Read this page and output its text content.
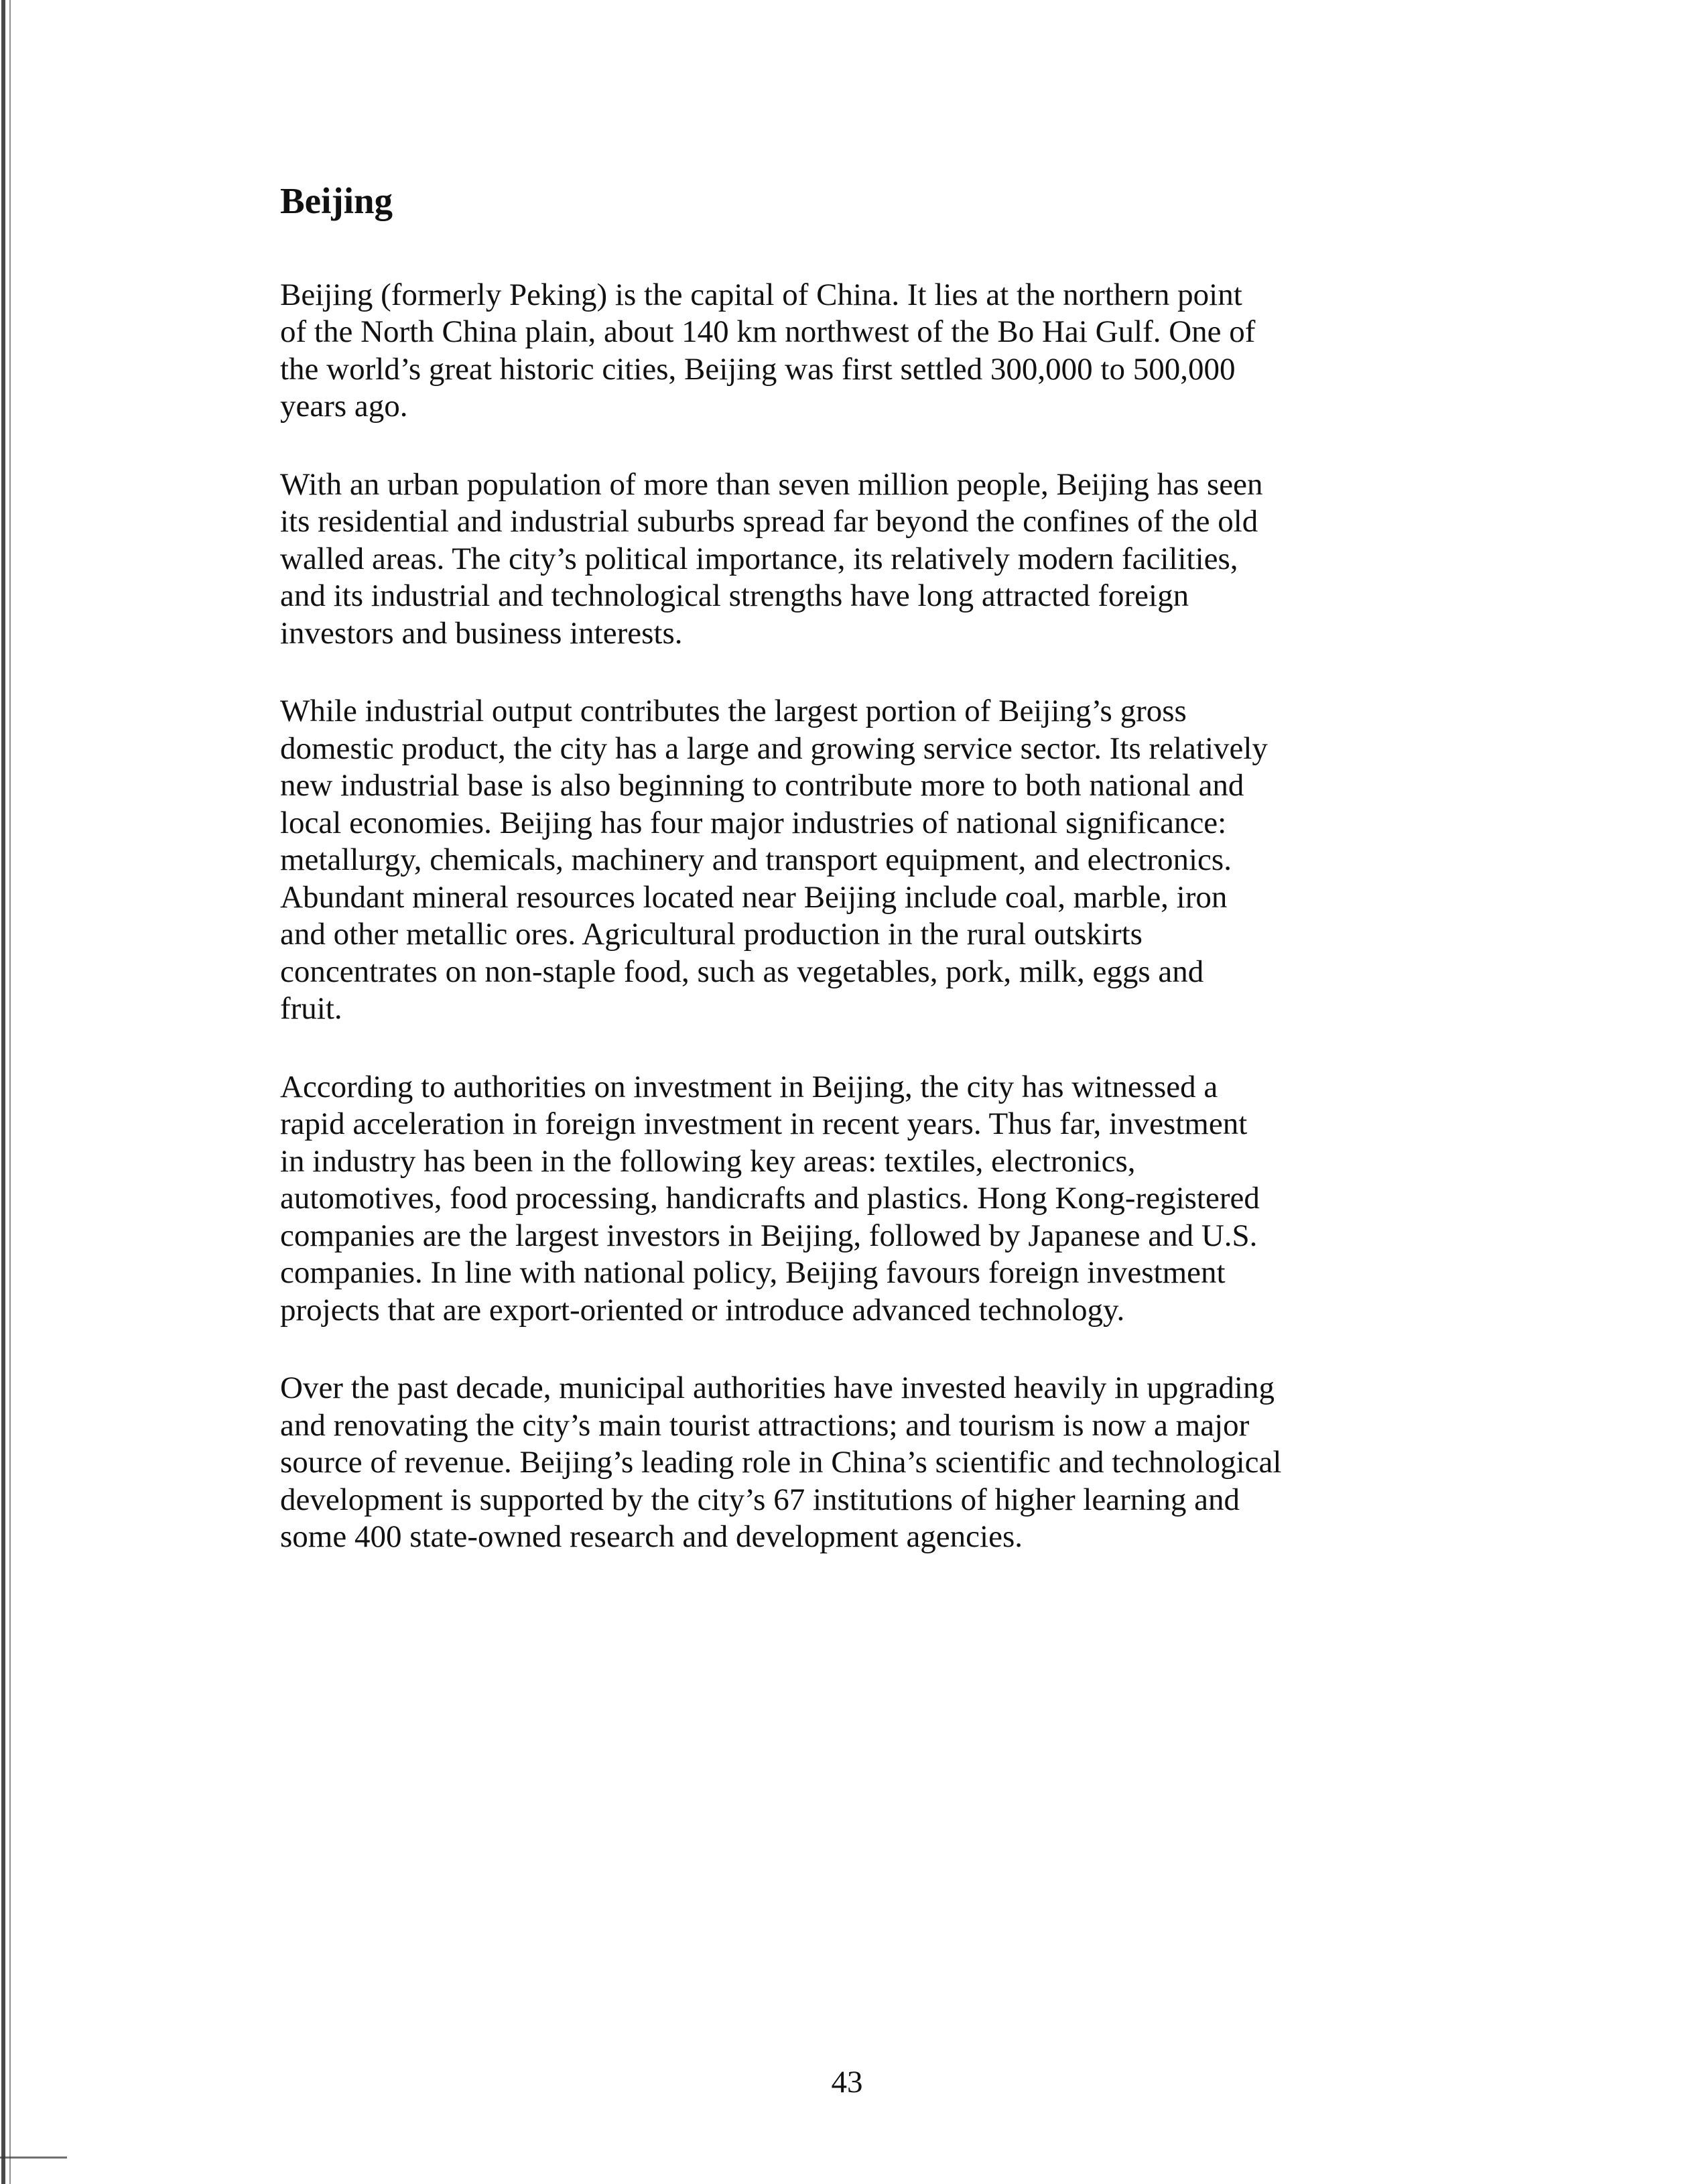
Beijing

Beijing (formerly Peking) is the capital of China. It lies at the northern point
of the North China plain, about 140 km northwest of the Bo Hai Gulf. One of
the world’s great historic cities, Beijing was first settled 300,000 to 500,000
years ago.

With an urban population of more than seven million people, Beijing has seen
its residential and industrial suburbs spread far beyond the confines of the old
walled areas. The city’s political importance, its relatively modern facilities,
and its industrial and technological strengths have long attracted foreign
investors and business interests.

While industrial output contributes the largest portion of Beijing’s gross
domestic product, the city has a large and growing service sector. Its relatively
new industrial base is also beginning to contribute more to both national and
local economies. Beijing has four major industries of national significance:
metallurgy, chemicals, machinery and transport equipment, and electronics.
Abundant mineral resources located near Beijing include coal, marble, iron
and other metallic ores. Agricultural production in the rural outskirts
concentrates on non-staple food, such as vegetables, pork, milk, eggs and
fruit.

According to authorities on investment in Beijing, the city has witnessed a
rapid acceleration in foreign investment in recent years. Thus far, investment
in industry has been in the following key areas: textiles, electronics,
automotives, food processing, handicrafts and plastics. Hong Kong-registered
companies are the largest investors in Beijing, followed by Japanese and U.S.
companies. In line with national policy, Beijing favours foreign investment
projects that are export-oriented or introduce advanced technology.

Over the past decade, municipal authorities have invested heavily in upgrading
and renovating the city’s main tourist attractions; and tourism is now a major
source of revenue. Beijing’s leading role in China’s scientific and technological
development is supported by the city’s 67 institutions of higher learning and
some 400 state-owned research and development agencies.

43
